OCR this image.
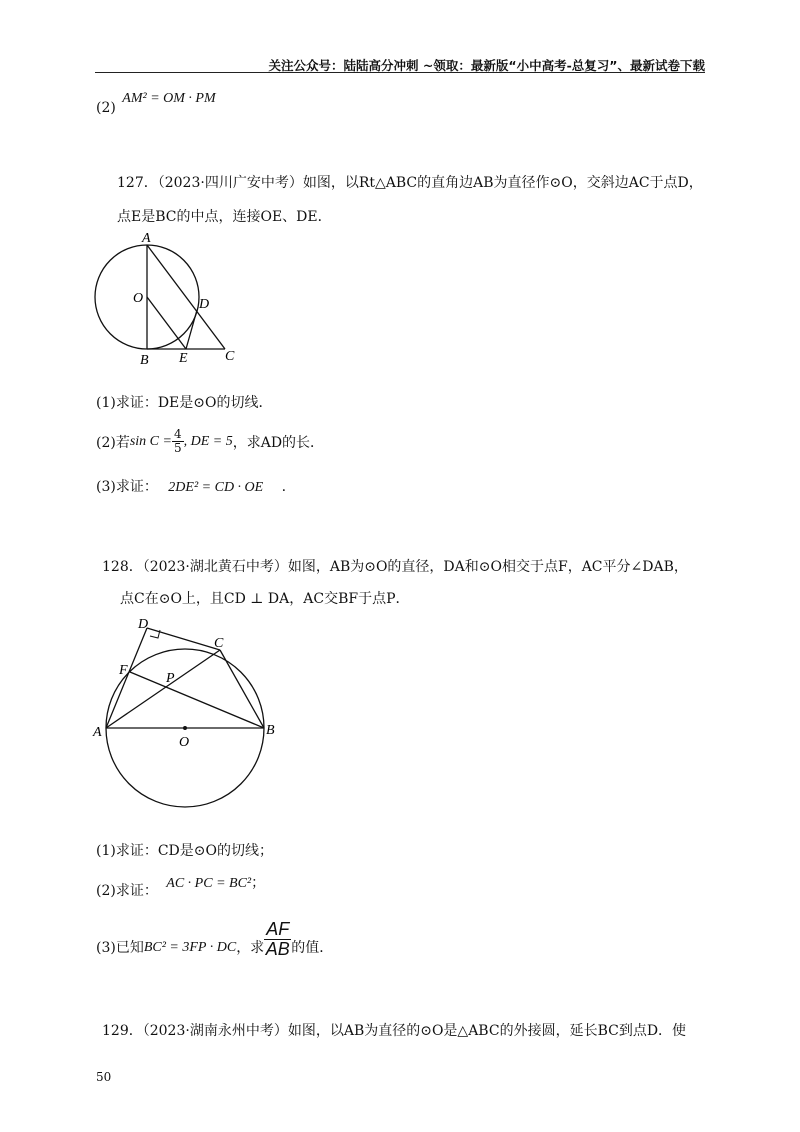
关注公众号：陆陆高分冲刺 ~领取：最新版“小中高考-总复习”、最新试卷下载
(2) AM² = OM · PM
127．（2023·四川广安中考）如图，以Rt△ABC的直角边AB为直径作⊙O，交斜边AC于点D，
点E是BC的中点，连接OE、DE．
A
O	D
B E	C
(1)求证：DE是⊙O的切线．
(2)若 $\sin C = \frac{4}{5}$ , DE = 5 ，求AD的长．
(3)求证： 2DE² = CD · OE .
128．（2023·湖北黄石中考）如图，AB为⊙O的直径，DA和⊙O相交于点F，AC平分∠DAB，
点C在⊙O上，且CD ⊥ DA，AC交BF于点P．
D
C
F
P
A
O
B
(1)求证：CD是⊙O的切线；
(2)求证： AC · PC = BC²；
(3)已知 BC² = 3FP · DC ，求 $\frac{AF}{AB}$ 的值．
129．（2023·湖南永州中考）如图，以AB为直径的⊙O是△ABC的外接圆，延长BC到点D．使
50
